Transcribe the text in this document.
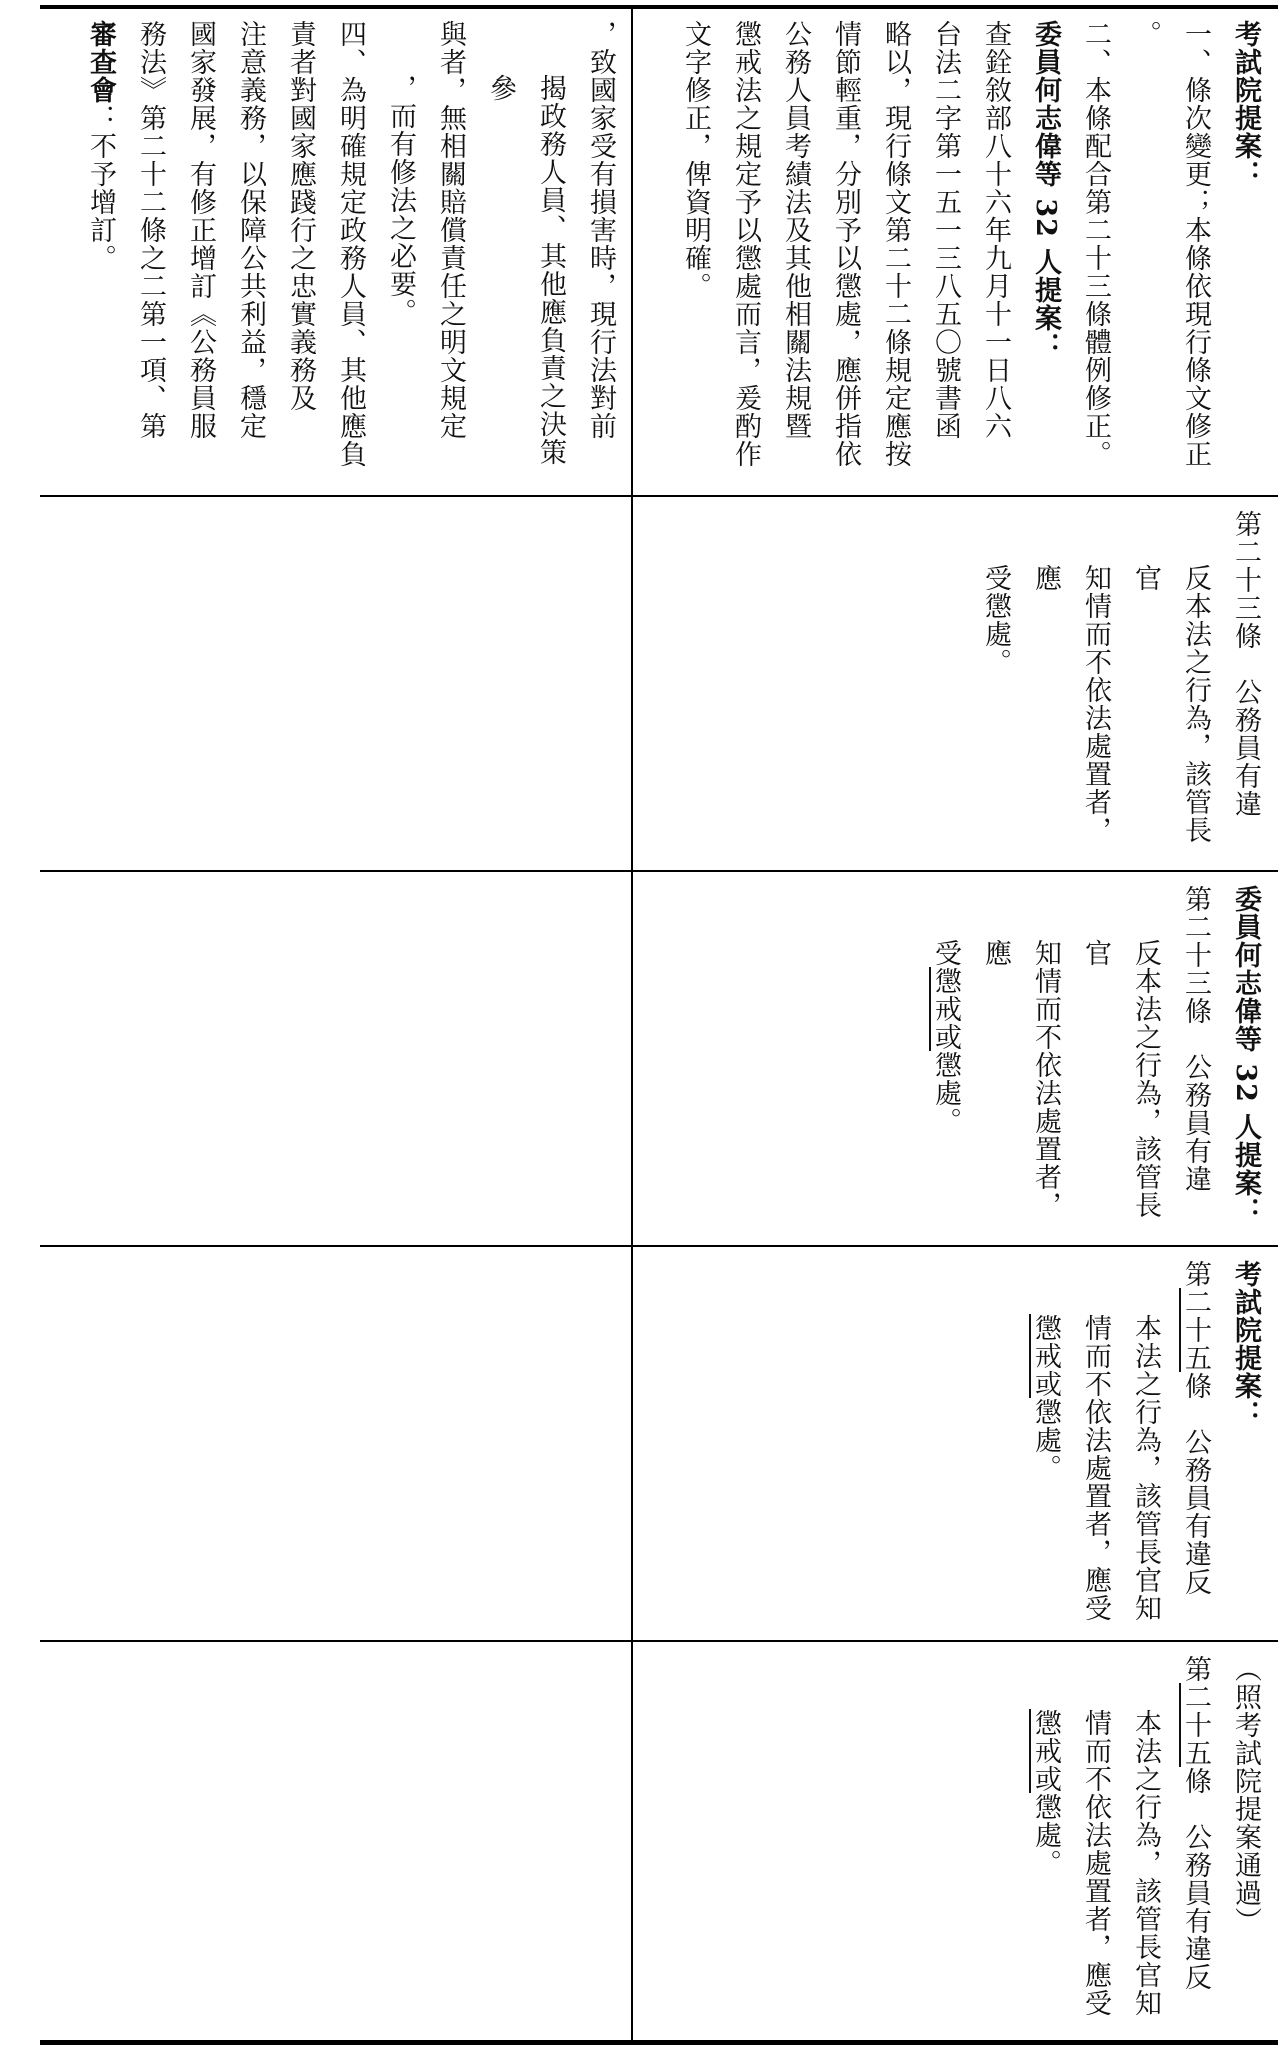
，致國家受有損害時，現行法對前

揭政務人員、其他應負責之決策參

與者，無相關賠償責任之明文規定

，而有修法之必要。

四、為明確規定政務人員、其他應負

責者對國家應踐行之忠實義務及

注意義務，以保障公共利益，穩定

國家發展，有修正增訂《公務員服

務法》第二十二條之二第一項、第

審查會：不予增訂。	考試院提案：

一、條次變更；本條依現行條文修正

。

二、本條配合第二十三條體例修正。

委員何志偉等 32 人提案：

查銓敘部八十六年九月十一日八六

台法二字第一五一三八五〇號書函

略以，現行條文第二十二條規定應按

情節輕重，分別予以懲處，應併指依

公務人員考績法及其他相關法規暨

懲戒法之規定予以懲處而言，爰酌作

文字修正，俾資明確。

第二十三條　公務員有違

反本法之行為，該管長官

知情而不依法處置者，應

受懲處。

委員何志偉等 32 人提案：

第二十三條　公務員有違

反本法之行為，該管長官

知情而不依法處置者，應

受懲戒或懲處。

考試院提案：

第二十五條　公務員有違反

本法之行為，該管長官知

情而不依法處置者，應受

懲戒或懲處。

（照考試院提案通過）

第二十五條　公務員有違反

本法之行為，該管長官知

情而不依法處置者，應受

懲戒或懲處。
